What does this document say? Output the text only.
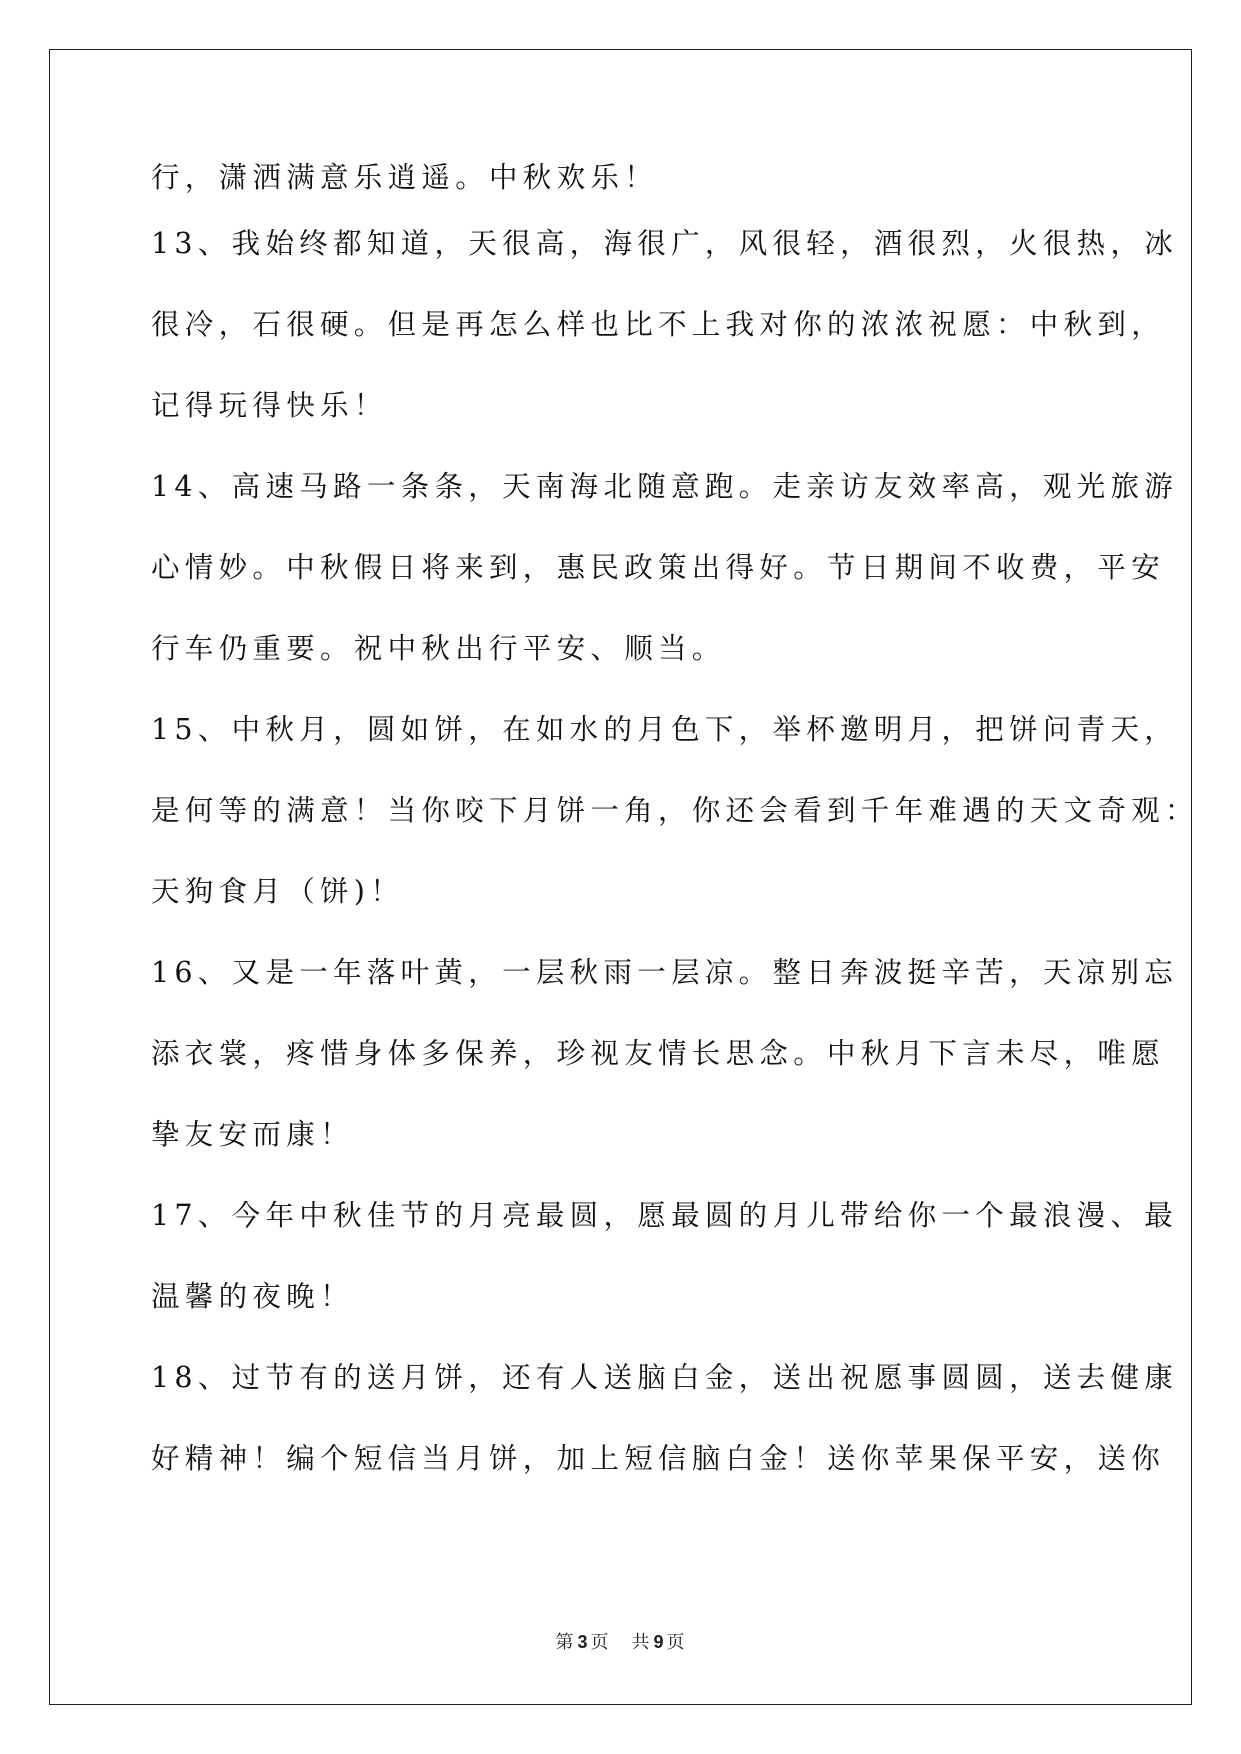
行，潇洒满意乐逍遥。中秋欢乐！
13、我始终都知道，天很高，海很广，风很轻，酒很烈，火很热，冰
很冷，石很硬。但是再怎么样也比不上我对你的浓浓祝愿：中秋到，
记得玩得快乐！
14、高速马路一条条，天南海北随意跑。走亲访友效率高，观光旅游
心情妙。中秋假日将来到，惠民政策出得好。节日期间不收费，平安
行车仍重要。祝中秋出行平安、顺当。
15、中秋月，圆如饼，在如水的月色下，举杯邀明月，把饼问青天，
是何等的满意！当你咬下月饼一角，你还会看到千年难遇的天文奇观：
天狗食月（饼)！
16、又是一年落叶黄，一层秋雨一层凉。整日奔波挺辛苦，天凉别忘
添衣裳，疼惜身体多保养，珍视友情长思念。中秋月下言未尽，唯愿
挚友安而康！
17、今年中秋佳节的月亮最圆，愿最圆的月儿带给你一个最浪漫、最
温馨的夜晚！
18、过节有的送月饼，还有人送脑白金，送出祝愿事圆圆，送去健康
好精神！编个短信当月饼，加上短信脑白金！送你苹果保平安，送你
第 3 页 共 9 页
